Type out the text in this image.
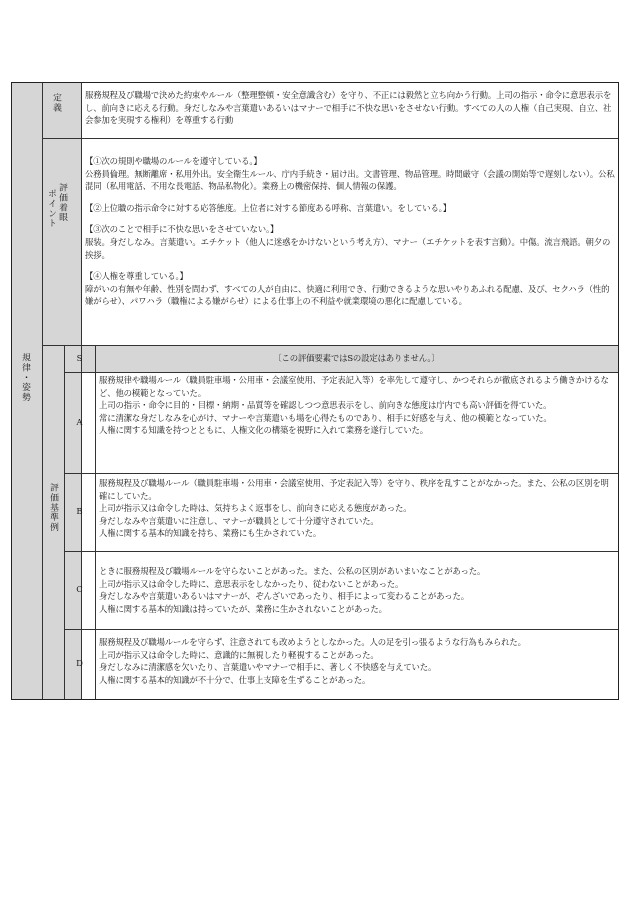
規律・姿勢
定義	服務規程及び職場で決めた約束やルール（整理整頓・安全意識含む）を守り、不正には毅然と立ち向かう行動。上司の指示・命令に意思表示をし、前向きに応える行動。身だしなみや言葉遣いあるいはマナーで相手に不快な思いをさせない行動。すべての人の人権（自己実現、自立、社会参加を実現する権利）を尊重する行動
評価着眼
ポイント

【①次の規則や職場のルールを遵守している。】

公務員倫理。無断離席・私用外出。安全衛生ルール、庁内手続き・届け出。文書管理、物品管理。時間厳守（会議の開始等で遅刻しない）。公私混同（私用電話、不用な長電話、物品私物化）。業務上の機密保持、個人情報の保護。

【②上位職の指示命令に対する応答態度。上位者に対する節度ある呼称、言葉遣い。をしている。】

【③次のことで相手に不快な思いをさせていない。】

服装。身だしなみ。言葉遣い。エチケット（他人に迷惑をかけないという考え方）、マナー（エチケットを表す言動）。中傷。流言飛語。朝夕の挨拶。

【④人権を尊重している。】

障がいの有無や年齢、性別を問わず、すべての人が自由に、快適に利用でき、行動できるような思いやりあふれる配慮、及び、セクハラ（性的嫌がらせ）、パワハラ（職権による嫌がらせ）による仕事上の不利益や就業環境の悪化に配慮している。

評価基準例
S	〔この評価要素ではSの設定はありません。〕
A

服務規律や職場ルール（職員駐車場・公用車・会議室使用、予定表記入等）を率先して遵守し、かつそれらが徹底されるよう働きかけるなど、他の模範となっていた。

上司の指示・命令に目的・目標・納期・品質等を確認しつつ意思表示をし、前向きな態度は庁内でも高い評価を得ていた。

常に清潔な身だしなみを心がけ、マナーや言葉遣いも場を心得たものであり、相手に好感を与え、他の模範となっていた。

人権に関する知識を持つとともに、人権文化の構築を視野に入れて業務を遂行していた。

B

服務規程及び職場ルール（職員駐車場・公用車・会議室使用、予定表記入等）を守り、秩序を乱すことがなかった。また、公私の区別を明確にしていた。

上司が指示又は命令した時は、気持ちよく返事をし、前向きに応える態度があった。

身だしなみや言葉遣いに注意し、マナーが職員として十分遵守されていた。

人権に関する基本的知識を持ち、業務にも生かされていた。

C

ときに服務規程及び職場ルールを守らないことがあった。また、公私の区別があいまいなことがあった。

上司が指示又は命令した時に、意思表示をしなかったり、従わないことがあった。

身だしなみや言葉遣いあるいはマナーが、ぞんざいであったり、相手によって変わることがあった。

人権に関する基本的知識は持っていたが、業務に生かされないことがあった。

D

服務規程及び職場ルールを守らず、注意されても改めようとしなかった。人の足を引っ張るような行為もみられた。

上司が指示又は命令した時に、意識的に無視したり軽視することがあった。

身だしなみに清潔感を欠いたり、言葉遣いやマナーで相手に、著しく不快感を与えていた。

人権に関する基本的知識が不十分で、仕事上支障を生ずることがあった。
